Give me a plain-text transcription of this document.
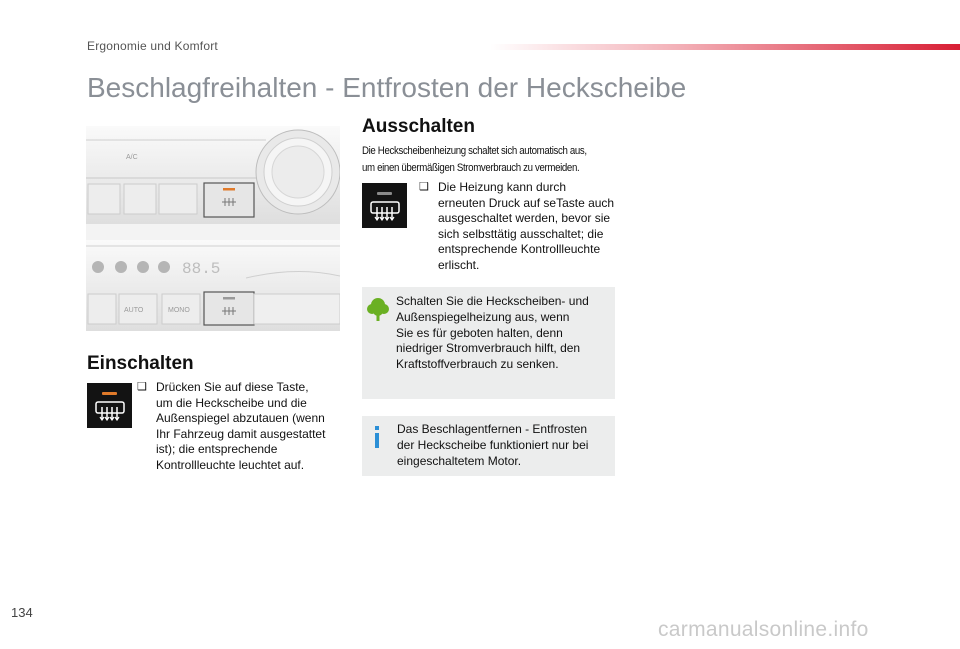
Ergonomie und Komfort
Beschlagfreihalten - Entfrosten der Heckscheibe
A/C
88.5
AUTO	MONO
Einschalten
❑ Drücken Sie auf diese Taste,
um die Heckscheibe und die
Außenspiegel abzutauen (wenn
Ihr Fahrzeug damit ausgestattet
ist); die entsprechende
Kontrollleuchte leuchtet auf.
Ausschalten
Die Heckscheibenheizung schaltet sich automatisch aus,
um einen übermäßigen Stromverbrauch zu vermeiden.
❑ Die Heizung kann durch
erneuten Druck auf seTaste auch
ausgeschaltet werden, bevor sie
sich selbsttätig ausschaltet; die
entsprechende Kontrollleuchte
erlischt.
Schalten Sie die Heckscheiben- und
Außenspiegelheizung aus, wenn
Sie es für geboten halten, denn
niedriger Stromverbrauch hilft, den
Kraftstoffverbrauch zu senken.
Das Beschlagentfernen - Entfrosten
der Heckscheibe funktioniert nur bei
eingeschaltetem Motor.
134
carmanualsonline.info
